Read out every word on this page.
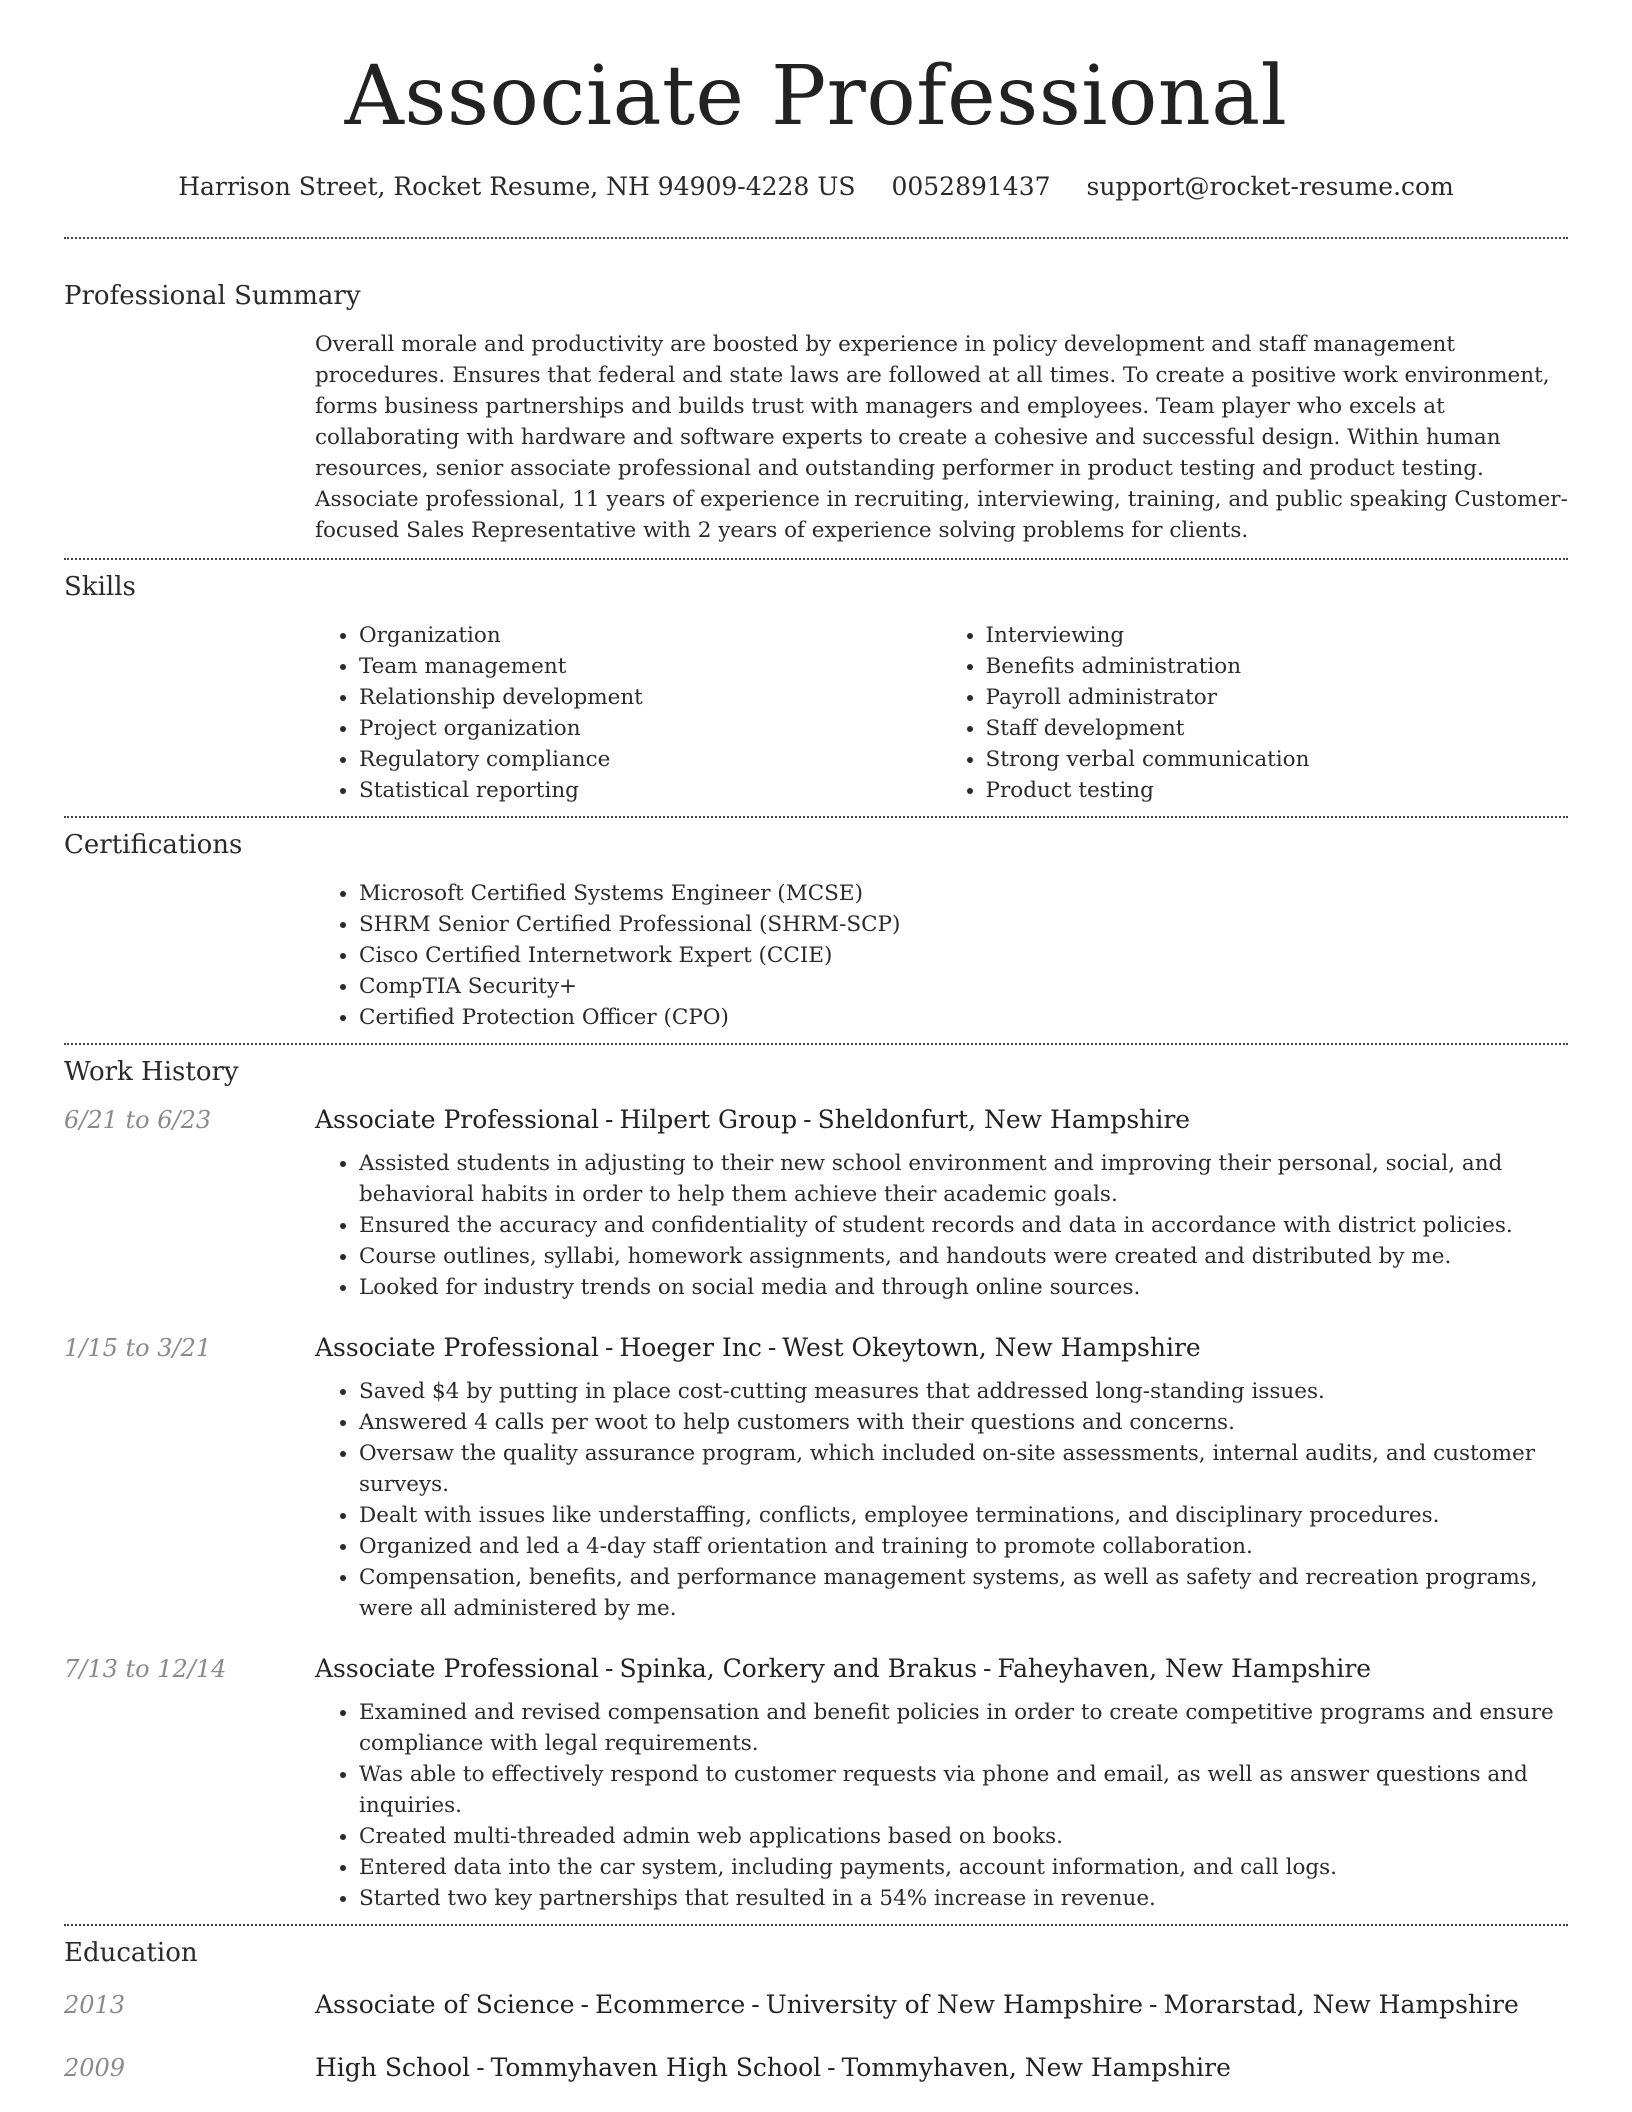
Associate Professional
Harrison Street, Rocket Resume, NH 94909-4228 US 0052891437 support@rocket-resume.com
Professional Summary
Overall morale and productivity are boosted by experience in policy development and staff management procedures. Ensures that federal and state laws are followed at all times. To create a positive work environment, forms business partnerships and builds trust with managers and employees. Team player who excels at collaborating with hardware and software experts to create a cohesive and successful design. Within human resources, senior associate professional and outstanding performer in product testing and product testing. Associate professional, 11 years of experience in recruiting, interviewing, training, and public speaking Customer-focused Sales Representative with 2 years of experience solving problems for clients.
Skills
• Organization
• Team management
• Relationship development
• Project organization
• Regulatory compliance
• Statistical reporting
• Interviewing
• Benefits administration
• Payroll administrator
• Staff development
• Strong verbal communication
• Product testing
Certifications
• Microsoft Certified Systems Engineer (MCSE)
• SHRM Senior Certified Professional (SHRM-SCP)
• Cisco Certified Internetwork Expert (CCIE)
• CompTIA Security+
• Certified Protection Officer (CPO)
Work History
6/21 to 6/23	Associate Professional - Hilpert Group - Sheldonfurt, New Hampshire
• Assisted students in adjusting to their new school environment and improving their personal, social, and behavioral habits in order to help them achieve their academic goals.
• Ensured the accuracy and confidentiality of student records and data in accordance with district policies.
• Course outlines, syllabi, homework assignments, and handouts were created and distributed by me.
• Looked for industry trends on social media and through online sources.
1/15 to 3/21	Associate Professional - Hoeger Inc - West Okeytown, New Hampshire
• Saved $4 by putting in place cost-cutting measures that addressed long-standing issues.
• Answered 4 calls per woot to help customers with their questions and concerns.
• Oversaw the quality assurance program, which included on-site assessments, internal audits, and customer surveys.
• Dealt with issues like understaffing, conflicts, employee terminations, and disciplinary procedures.
• Organized and led a 4-day staff orientation and training to promote collaboration.
• Compensation, benefits, and performance management systems, as well as safety and recreation programs, were all administered by me.
7/13 to 12/14	Associate Professional - Spinka, Corkery and Brakus - Faheyhaven, New Hampshire
• Examined and revised compensation and benefit policies in order to create competitive programs and ensure compliance with legal requirements.
• Was able to effectively respond to customer requests via phone and email, as well as answer questions and inquiries.
• Created multi-threaded admin web applications based on books.
• Entered data into the car system, including payments, account information, and call logs.
• Started two key partnerships that resulted in a 54% increase in revenue.
Education
2013	Associate of Science - Ecommerce - University of New Hampshire - Morarstad, New Hampshire
2009	High School - Tommyhaven High School - Tommyhaven, New Hampshire
